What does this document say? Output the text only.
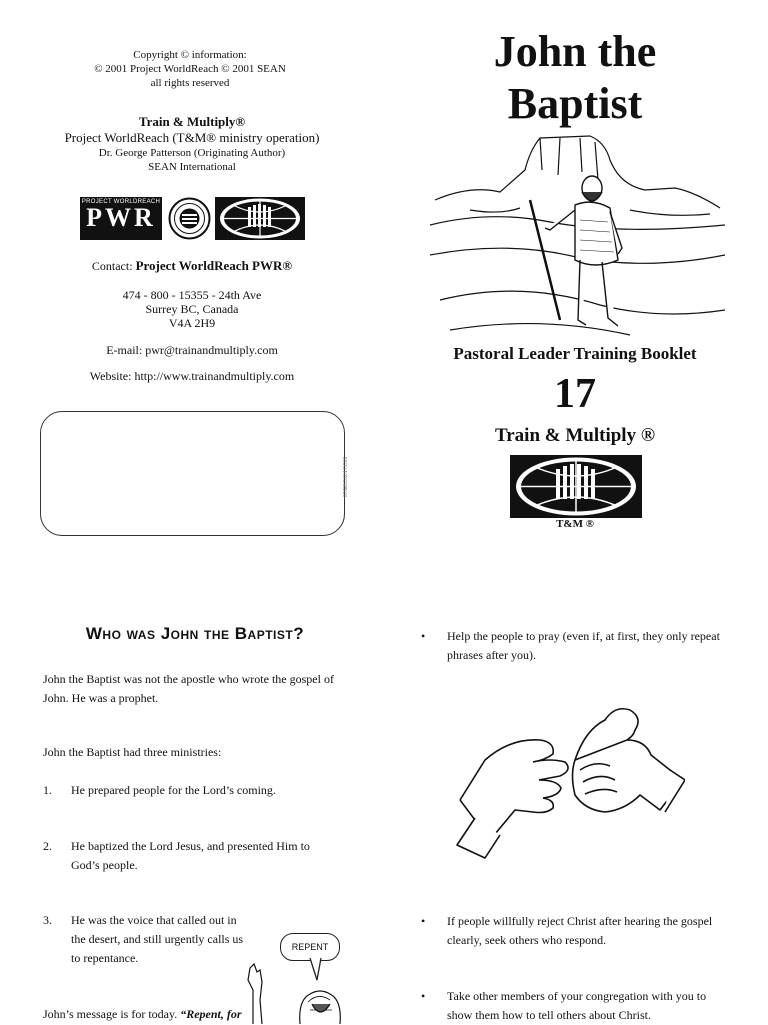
Copyright © information:
© 2001 Project WorldReach © 2001 SEAN
all rights reserved
Train & Multiply®
Project WorldReach (T&M® ministry operation)
Dr. George Patterson (Originating Author)
SEAN International
PROJECT WORLDREACH
PWR
Contact: Project WorldReach PWR®
474 - 800 - 15355 - 24th Ave
Surrey BC, Canada
V4A 2H9
E-mail: pwr@trainandmultiply.com
Website: http://www.trainandmultiply.com
07/EBC02/17/C01
John the
Baptist
Pastoral Leader Training Booklet
17
Train & Multiply ®
T&M ®
Who was John the Baptist?
John the Baptist was not the apostle who wrote the gospel of John. He was a prophet.
John the Baptist had three ministries:
1. He prepared people for the Lord’s coming.
2. He baptized the Lord Jesus, and presented Him to God’s people.
3. He was the voice that called out in the desert, and still urgently calls us to repentance.
John’s message is for today. “Repent, for
REPENT
• Help the people to pray (even if, at first, they only repeat phrases after you).
• If people willfully reject Christ after hearing the gospel clearly, seek others who respond.
• Take other members of your congregation with you to show them how to tell others about Christ.
